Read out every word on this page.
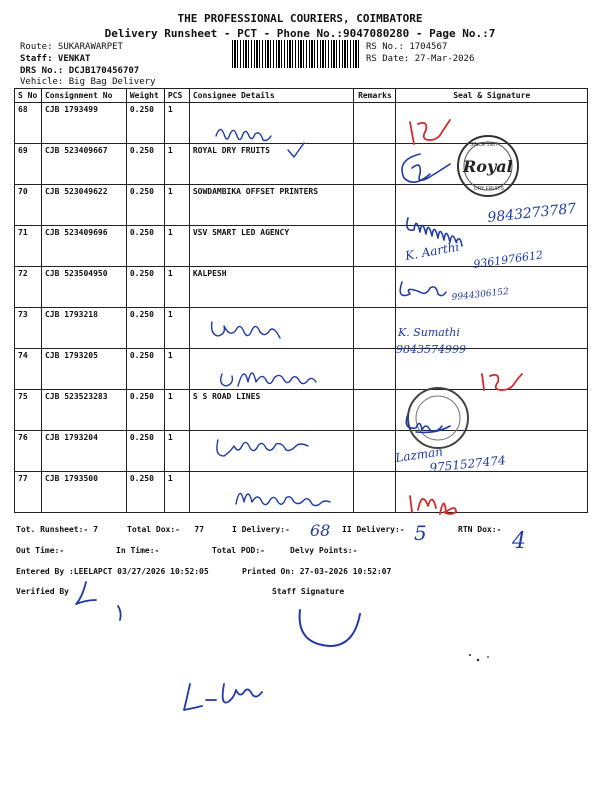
THE PROFESSIONAL COURIERS, COIMBATORE
Delivery Runsheet - PCT - Phone No.:9047080280 - Page No.:7
Route: SUKARAWARPET
Staff: VENKAT
DRS No.: DCJB170456707
Vehicle: Big Bag Delivery
RS No.: 1704567
RS Date: 27-Mar-2026
S No	Consignment No	Weight	PCS	Consignee Details	Remarks	Seal & Signature
68	CJB 1793499	0.250	1			
69	CJB 523409667	0.250	1	ROYAL DRY FRUITS		
70	CJB 523049622	0.250	1	SOWDAMBIKA OFFSET PRINTERS		
71	CJB 523409696	0.250	1	VSV SMART LED AGENCY		
72	CJB 523504950	0.250	1	KALPESH		
73	CJB 1793218	0.250	1			
74	CJB 1793205	0.250	1			
75	CJB 523523283	0.250	1	S S ROAD LINES		
76	CJB 1793204	0.250	1			
77	CJB 1793500	0.250	1			
Tot. Runsheet:- 7	Total Dox:-   77	I Delivery:-	II Delivery:-	RTN Dox:-
Out Time:-	In Time:-	Total POD:-	Delvy Points:-
Entered By :LEELAPCT 03/27/2026 10:52:05	Printed On: 27-03-2026 10:52:07
Verified By	Staff Signature
SINCE 1907
Royal
DRY FRUITS
9843273787
K. Aarthi 9361976612
9944306152
K. Sumathi
9843574999
Lazman
9751527474
68	5	4
